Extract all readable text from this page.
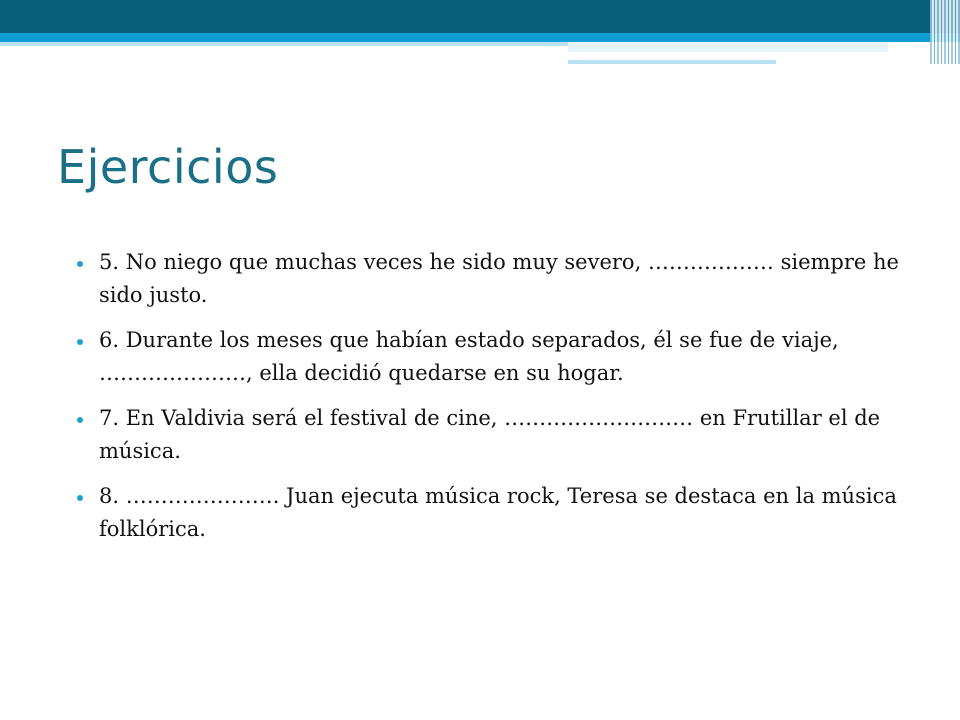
Ejercicios
5. No niego que muchas veces he sido muy severo, ……………… siempre he sido justo.
6. Durante los meses que habían estado separados, él se fue de viaje, …………………, ella decidió quedarse en su hogar.
7. En Valdivia será el festival de cine, ……………………… en Frutillar el de música.
8. …………………. Juan ejecuta música rock, Teresa se destaca en la música folklórica.
